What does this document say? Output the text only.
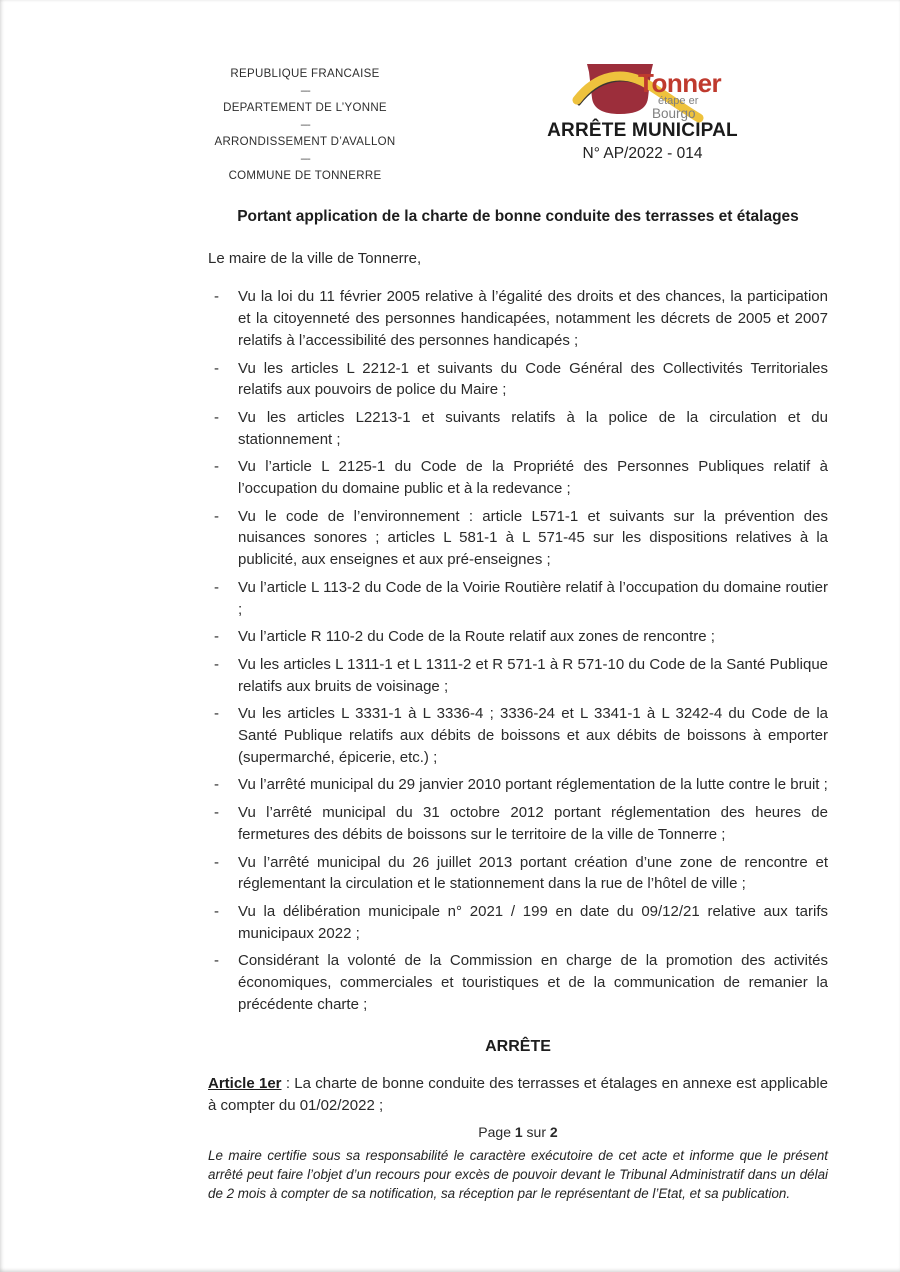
REPUBLIQUE FRANCAISE
----
DEPARTEMENT DE L’YONNE
----
ARRONDISSEMENT D’AVALLON
----
COMMUNE DE TONNERRE
Tonner
étape er
Bourgo
ARRÊTE MUNICIPAL
N° AP/2022 - 014
Portant application de la charte de bonne conduite des terrasses et étalages
Le maire de la ville de Tonnerre,
- Vu la loi du 11 février 2005 relative à l’égalité des droits et des chances, la participation et la citoyenneté des personnes handicapées, notamment les décrets de 2005 et 2007 relatifs à l’accessibilité des personnes handicapés ;
- Vu les articles L 2212-1 et suivants du Code Général des Collectivités Territoriales relatifs aux pouvoirs de police du Maire ;
- Vu les articles L2213-1 et suivants relatifs à la police de la circulation et du stationnement ;
- Vu l’article L 2125-1 du Code de la Propriété des Personnes Publiques relatif à l’occupation du domaine public et à la redevance ;
- Vu le code de l’environnement : article L571-1 et suivants sur la prévention des nuisances sonores ; articles L 581-1 à L 571-45 sur les dispositions relatives à la publicité, aux enseignes et aux pré-enseignes ;
- Vu l’article L 113-2 du Code de la Voirie Routière relatif à l’occupation du domaine routier ;
- Vu l’article R 110-2 du Code de la Route relatif aux zones de rencontre ;
- Vu les articles L 1311-1 et L 1311-2 et R 571-1 à R 571-10 du Code de la Santé Publique relatifs aux bruits de voisinage ;
- Vu les articles L 3331-1 à L 3336-4 ; 3336-24 et L 3341-1 à L 3242-4 du Code de la Santé Publique relatifs aux débits de boissons et aux débits de boissons à emporter (supermarché, épicerie, etc.) ;
- Vu l’arrêté municipal du 29 janvier 2010 portant réglementation de la lutte contre le bruit ;
- Vu l’arrêté municipal du 31 octobre 2012 portant réglementation des heures de fermetures des débits de boissons sur le territoire de la ville de Tonnerre ;
- Vu l’arrêté municipal du 26 juillet 2013 portant création d’une zone de rencontre et réglementant la circulation et le stationnement dans la rue de l’hôtel de ville ;
- Vu la délibération municipale n° 2021 / 199 en date du 09/12/21 relative aux tarifs municipaux 2022 ;
- Considérant la volonté de la Commission en charge de la promotion des activités économiques, commerciales et touristiques et de la communication de remanier la précédente charte ;
ARRÊTE

Article 1er : La charte de bonne conduite des terrasses et étalages en annexe est applicable à compter du 01/02/2022 ;

Page 1 sur 2

Le maire certifie sous sa responsabilité le caractère exécutoire de cet acte et informe que le présent arrêté peut faire l’objet d’un recours pour excès de pouvoir devant le Tribunal Administratif dans un délai de 2 mois à compter de sa notification, sa réception par le représentant de l’Etat, et sa publication.
